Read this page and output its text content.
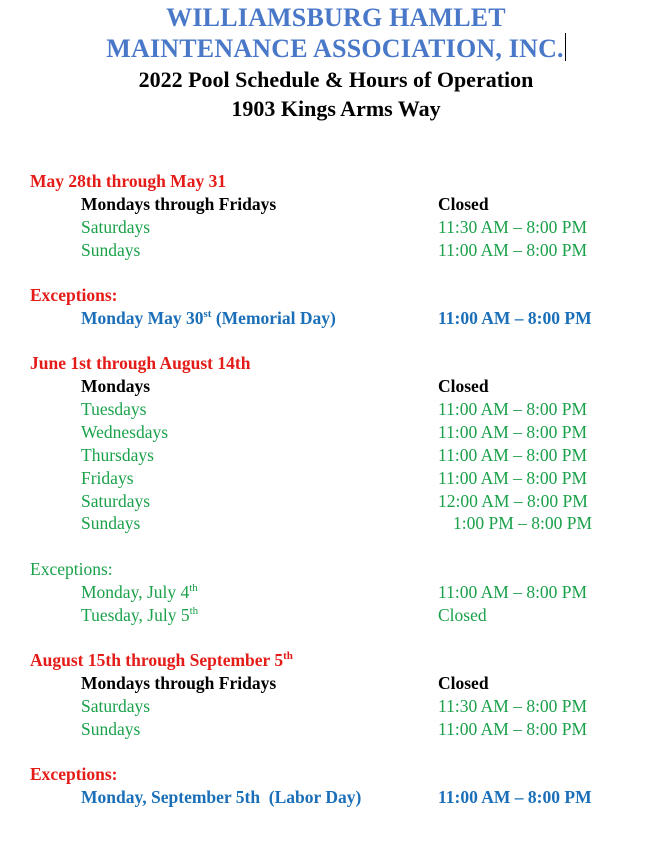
WILLIAMSBURG HAMLET
MAINTENANCE ASSOCIATION, INC.
2022 Pool Schedule & Hours of Operation
1903 Kings Arms Way
May 28th through May 31
Mondays through Fridays	Closed
Saturdays	11:30 AM – 8:00 PM
Sundays	11:00 AM – 8:00 PM
Exceptions:
Monday May 30st (Memorial Day)	11:00 AM – 8:00 PM
June 1st through August 14th
Mondays	Closed
Tuesdays	11:00 AM – 8:00 PM
Wednesdays	11:00 AM – 8:00 PM
Thursdays	11:00 AM – 8:00 PM
Fridays	11:00 AM – 8:00 PM
Saturdays	12:00 AM – 8:00 PM
Sundays	1:00 PM – 8:00 PM
Exceptions:
Monday, July 4th	11:00 AM – 8:00 PM
Tuesday, July 5th	Closed
August 15th through September 5th
Mondays through Fridays	Closed
Saturdays	11:30 AM – 8:00 PM
Sundays	11:00 AM – 8:00 PM
Exceptions:
Monday, September 5th  (Labor Day)	11:00 AM – 8:00 PM
